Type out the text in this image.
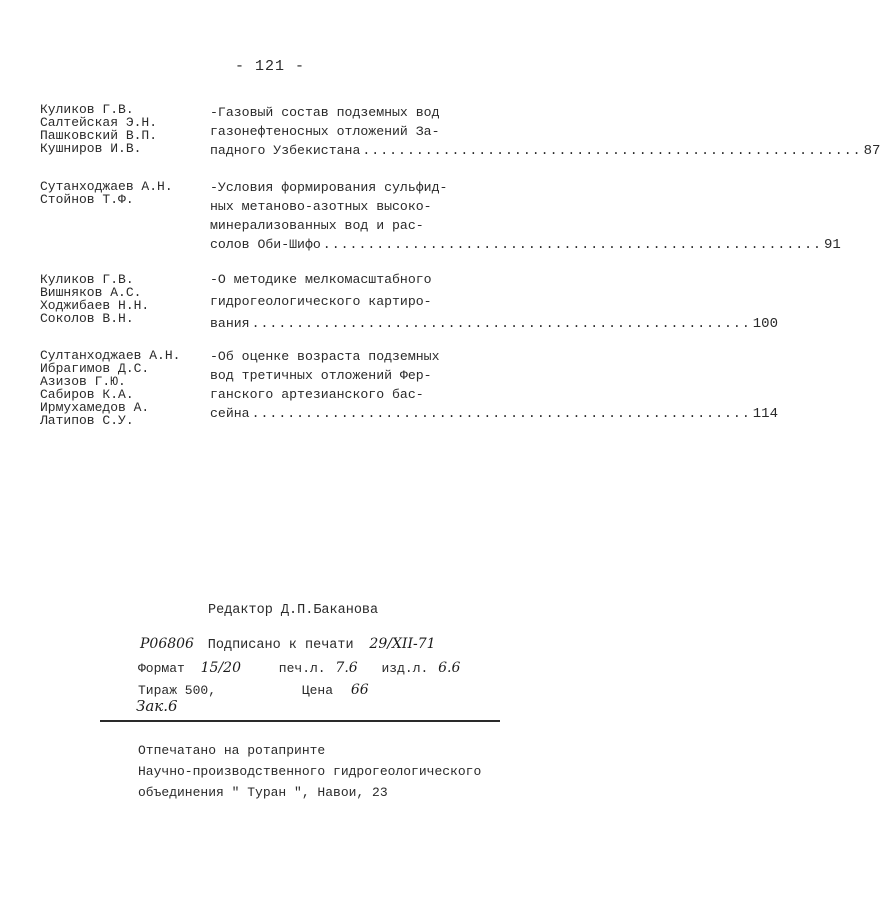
- 121 -
Куликов Г.В.
Салтейская Э.Н.
Пашковский В.П.
Кушниров И.В.
-Газовый состав подземных вод
газонефтеносных отложений За-
падного Узбекистана ........................................................ 87
Сутанходжаев А.Н.
Стойнов Т.Ф.
-Условия формирования сульфид-
ных метаново-азотных высоко-
минерализованных вод и рас-
солов Оби-Шифо ........................................................ 91
Куликов Г.В.
Вишняков А.С.
Ходжибаев Н.Н.
Соколов В.Н.
-О методике мелкомасштабного
гидрогеологического картиро-
вания ........................................................ 100
Султанходжаев А.Н.
Ибрагимов Д.С.
Азизов Г.Ю.
Сабиров К.А.
Ирмухамедов А.
Латипов С.У.
-Об оценке возраста подземных
вод третичных отложений Фер-
ганского артезианского бас-
сейна ........................................................ 114
Редактор Д.П.Баканова
Р06806 Подписано к печати 29/XII-71
Формат 15/20	печ.л. 7.6 изд.л. 6.6
Тираж 500,	Цена 66
Зак.6
Отпечатано на ротапринте
Научно-производственного гидрогеологического
объединения " Туран ", Навои, 23
